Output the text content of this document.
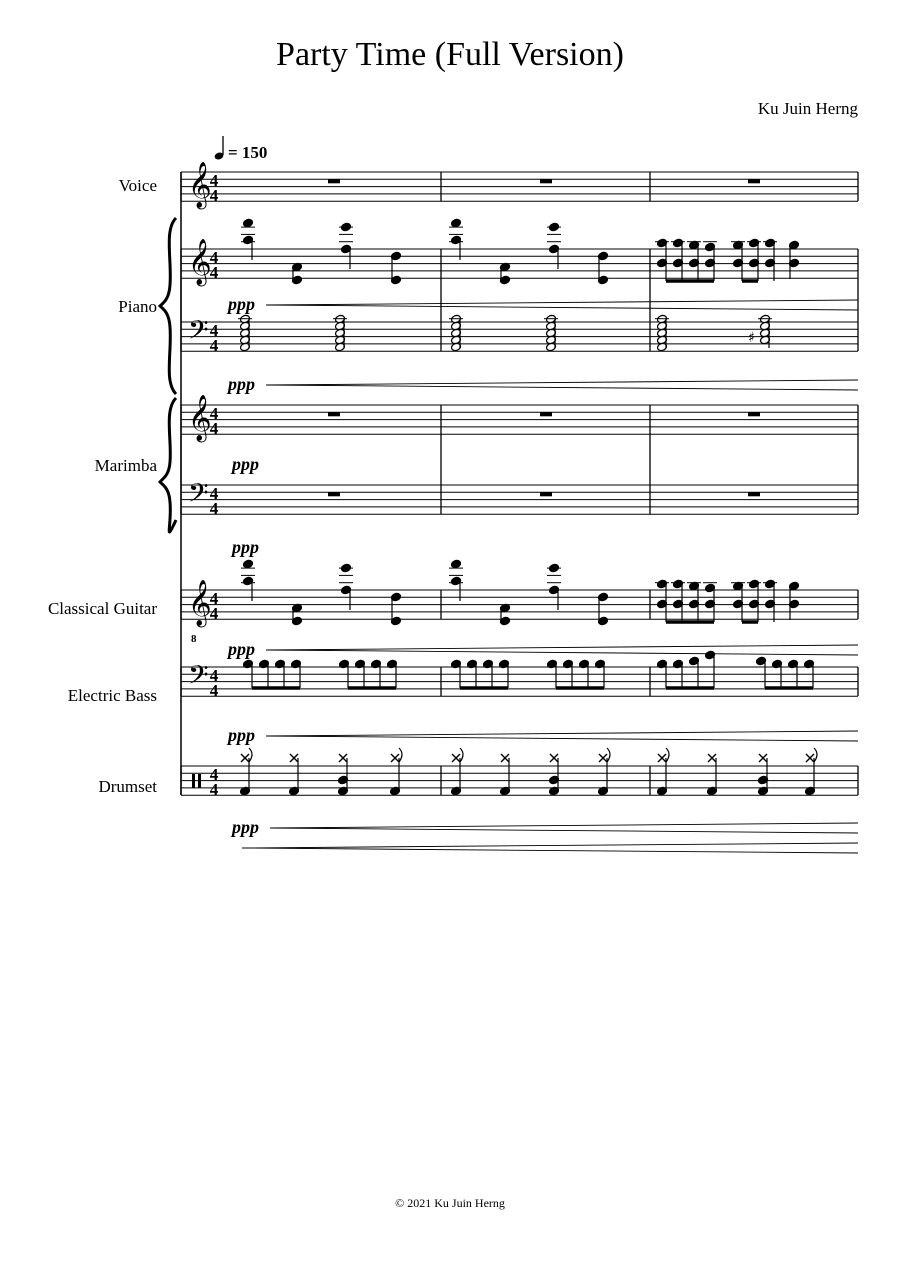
Party Time (Full Version)
Ku Juin Herng
Voice
Piano
Marimba
Classical Guitar
Electric Bass
Drumset
𝄞
𝄞
𝄢
𝄞
𝄢
𝄞
𝄢
4
4
4
4
4
4
4
4
4
4
4
4
4
4
4
4
♯
ppp
ppp
ppp
ppp
ppp
ppp
ppp
= 150
8
© 2021 Ku Juin Herng
